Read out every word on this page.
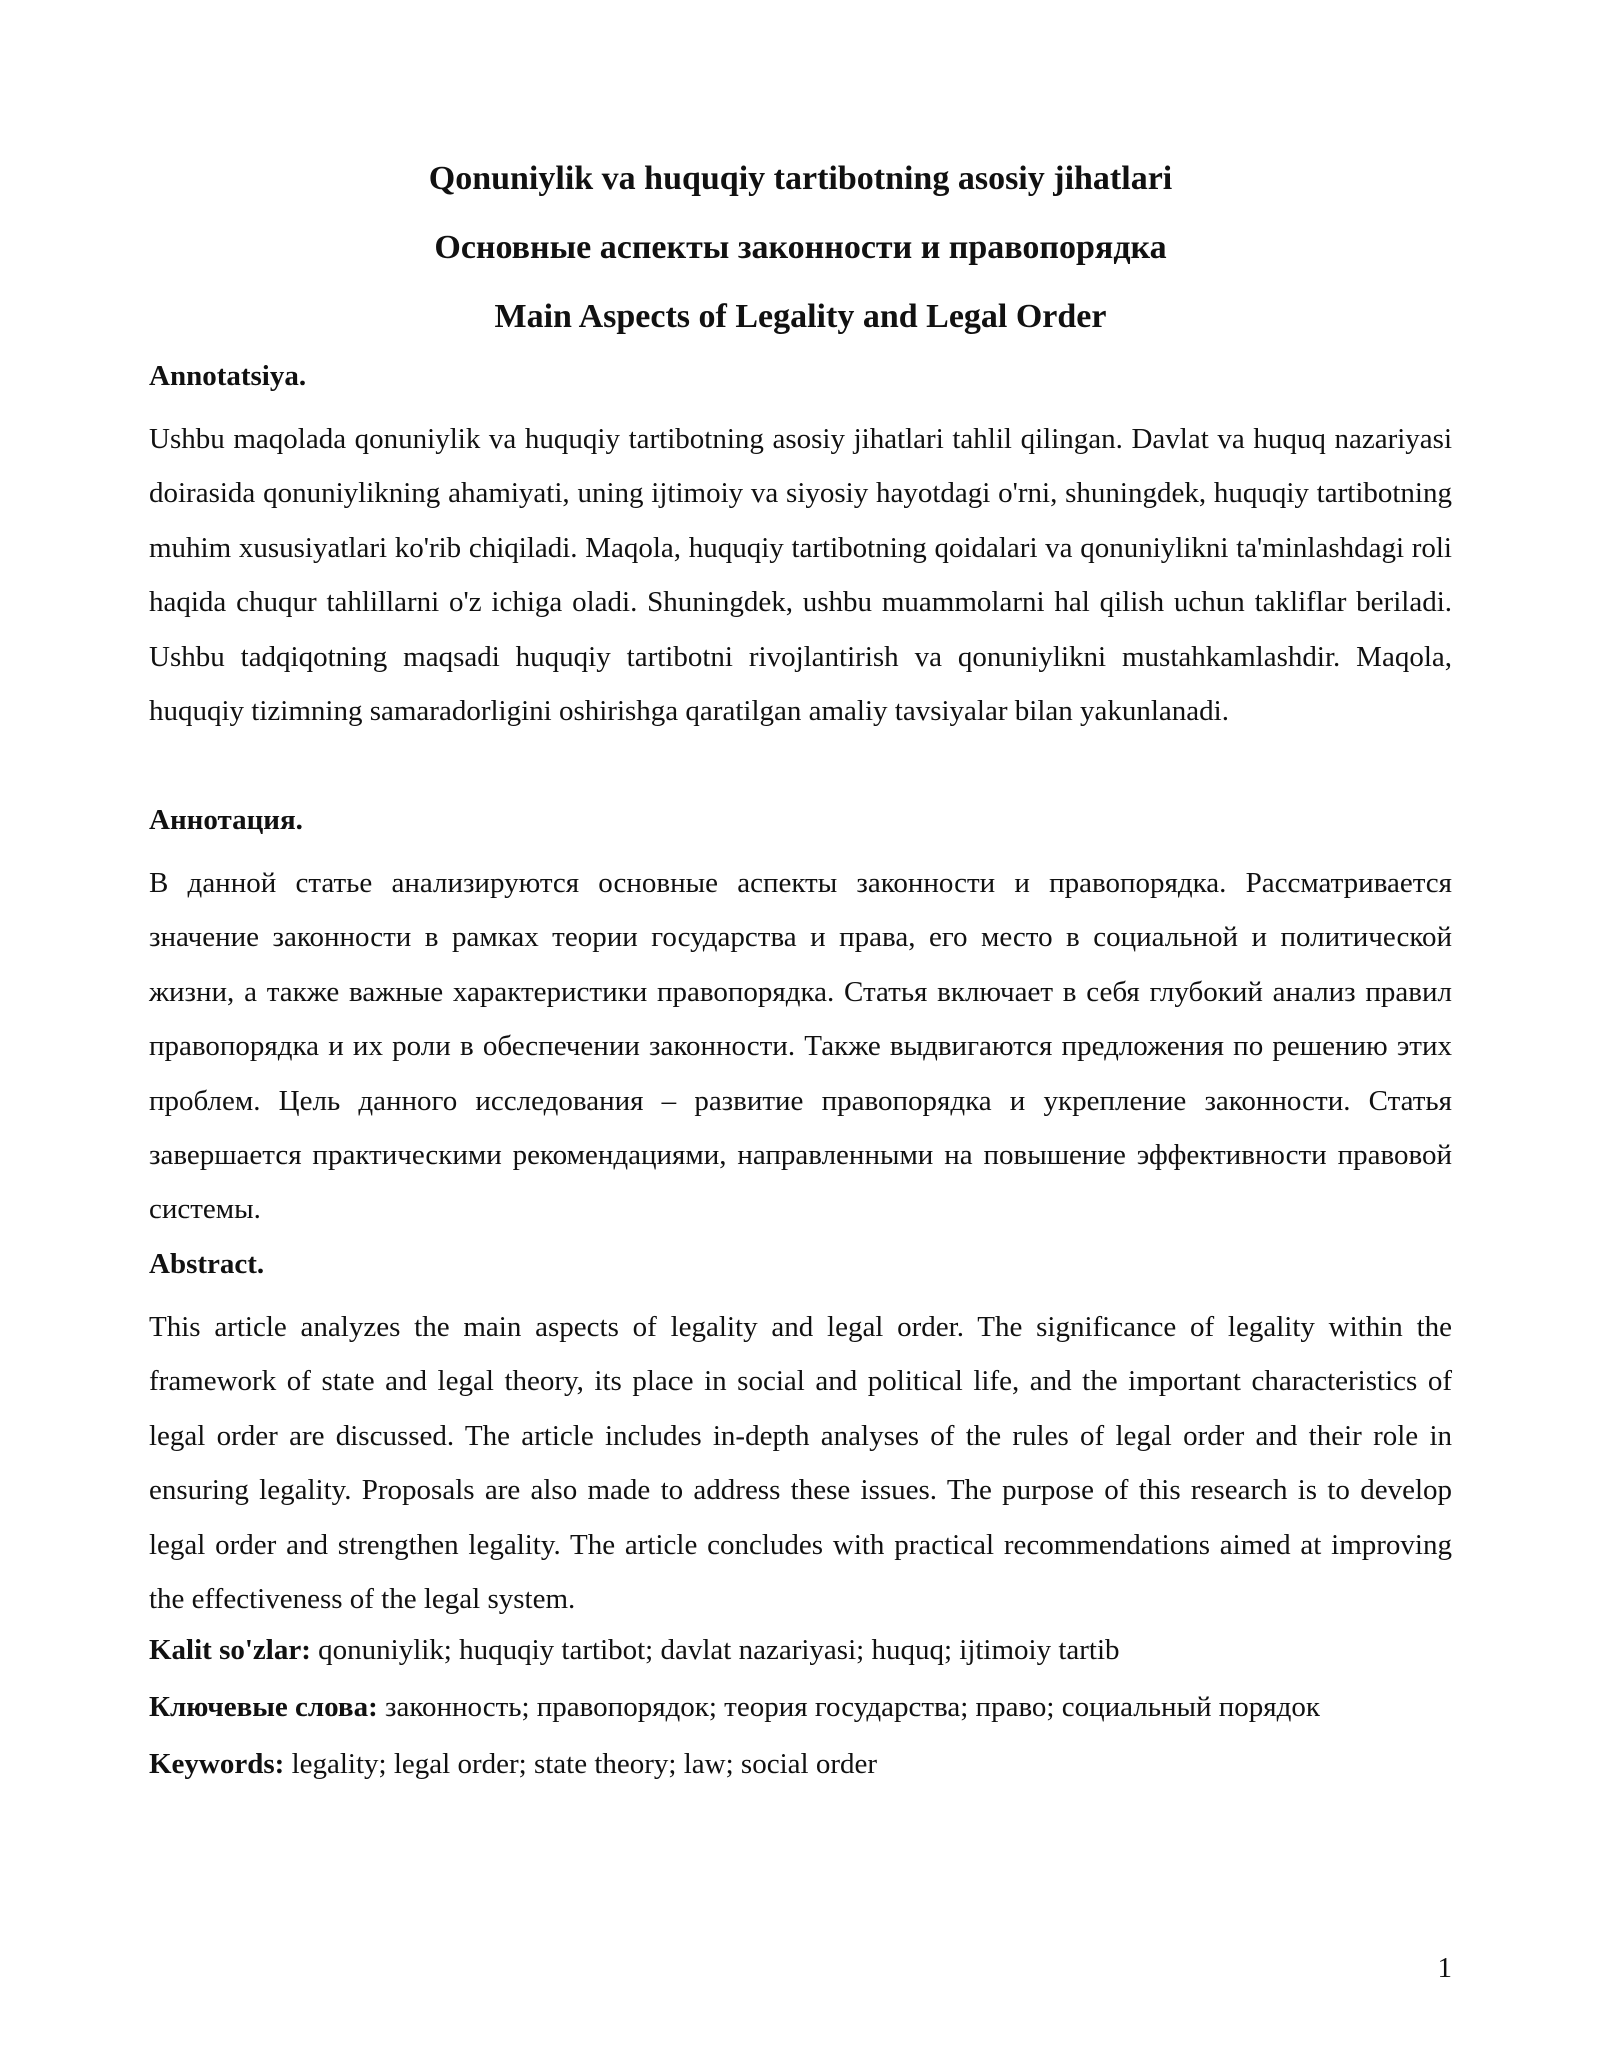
Qonuniylik va huquqiy tartibotning asosiy jihatlari
Основные аспекты законности и правопорядка
Main Aspects of Legality and Legal Order
Annotatsiya.

Ushbu maqolada qonuniylik va huquqiy tartibotning asosiy jihatlari tahlil qilingan. Davlat va huquq nazariyasi doirasida qonuniylikning ahamiyati, uning ijtimoiy va siyosiy hayotdagi o'rni, shuningdek, huquqiy tartibotning muhim xususiyatlari ko'rib chiqiladi. Maqola, huquqiy tartibotning qoidalari va qonuniylikni ta'minlashdagi roli haqida chuqur tahlillarni o'z ichiga oladi. Shuningdek, ushbu muammolarni hal qilish uchun takliflar beriladi. Ushbu tadqiqotning maqsadi huquqiy tartibotni rivojlantirish va qonuniylikni mustahkamlashdir. Maqola, huquqiy tizimning samaradorligini oshirishga qaratilgan amaliy tavsiyalar bilan yakunlanadi.

Аннотация.

В данной статье анализируются основные аспекты законности и правопорядка. Рассматривается значение законности в рамках теории государства и права, его место в социальной и политической жизни, а также важные характеристики правопорядка. Статья включает в себя глубокий анализ правил правопорядка и их роли в обеспечении законности. Также выдвигаются предложения по решению этих проблем. Цель данного исследования – развитие правопорядка и укрепление законности. Статья завершается практическими рекомендациями, направленными на повышение эффективности правовой системы.

Abstract.

This article analyzes the main aspects of legality and legal order. The significance of legality within the framework of state and legal theory, its place in social and political life, and the important characteristics of legal order are discussed. The article includes in-depth analyses of the rules of legal order and their role in ensuring legality. Proposals are also made to address these issues. The purpose of this research is to develop legal order and strengthen legality. The article concludes with practical recommendations aimed at improving the effectiveness of the legal system.

Kalit so'zlar: qonuniylik; huquqiy tartibot; davlat nazariyasi; huquq; ijtimoiy tartib
Ключевые слова: законность; правопорядок; теория государства; право; социальный порядок
Keywords: legality; legal order; state theory; law; social order
1
